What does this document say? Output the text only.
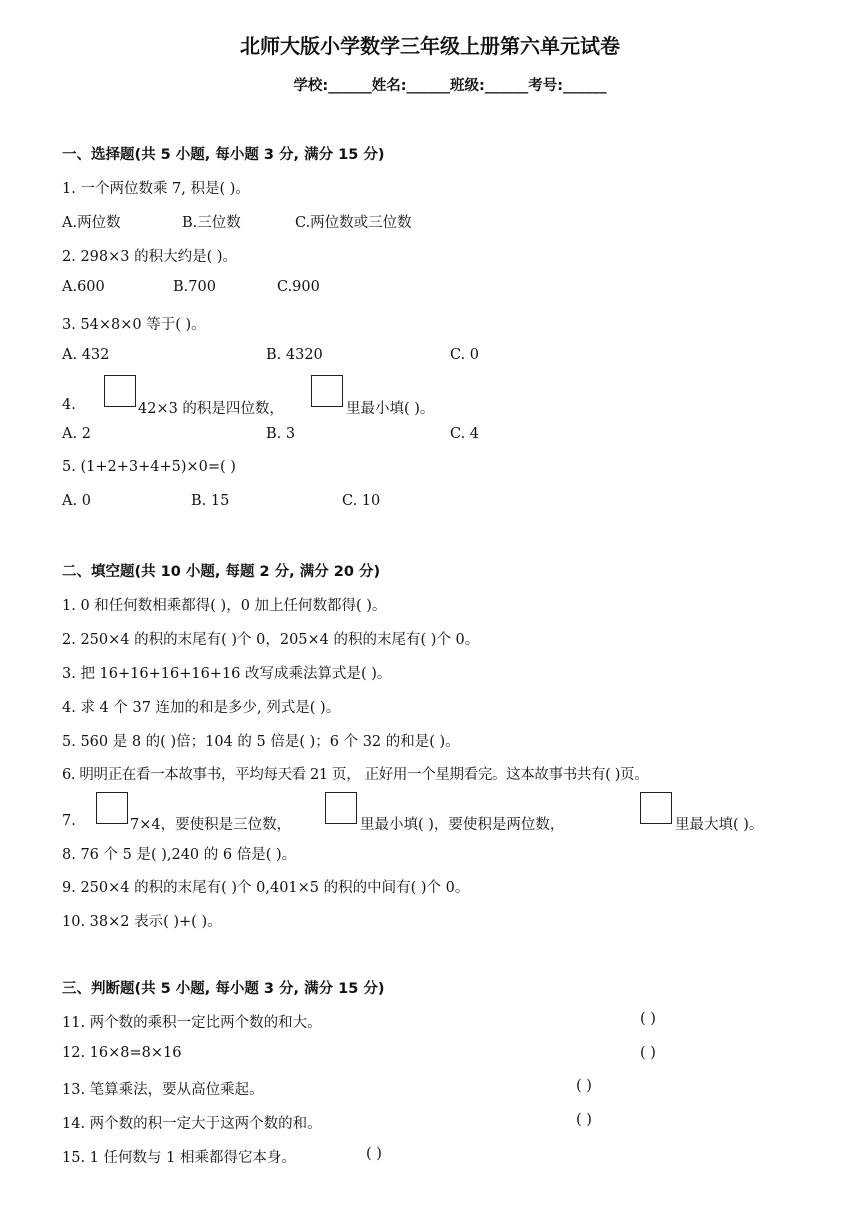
北师大版小学数学三年级上册第六单元试卷
学校:______姓名:______班级:______考号:______
一、选择题(共 5 小题, 每小题 3 分, 满分 15 分)
1. 一个两位数乘 7, 积是( )。
A.两位数	B.三位数	C.两位数或三位数
2. 298×3 的积大约是( )。
A.600	B.700	C.900
3. 54×8×0 等于( )。
A. 432	B. 4320	C. 0
4.	42×3 的积是四位数，	里最小填( )。
A. 2	B. 3	C. 4
5. (1+2+3+4+5)×0=( )
A. 0	B. 15	C. 10
二、填空题(共 10 小题, 每题 2 分, 满分 20 分)
1. 0 和任何数相乘都得( )，0 加上任何数都得( )。
2. 250×4 的积的末尾有( )个 0，205×4 的积的末尾有( )个 0。
3. 把 16+16+16+16+16 改写成乘法算式是( )。
4. 求 4 个 37 连加的和是多少, 列式是( )。
5. 560 是 8 的( )倍；104 的 5 倍是( )；6 个 32 的和是( )。
6. 明明正在看一本故事书，平均每天看 21 页， 正好用一个星期看完。这本故事书共有( )页。
7.	7×4，要使积是三位数，	里最小填( )，要使积是两位数，	里最大填( )。
8. 76 个 5 是( ),240 的 6 倍是( )。
9. 250×4 的积的末尾有( )个 0,401×5 的积的中间有( )个 0。
10. 38×2 表示( )+( )。
三、判断题(共 5 小题, 每小题 3 分, 满分 15 分)
11. 两个数的乘积一定比两个数的和大。	( )
12. 16×8=8×16	( )
13. 笔算乘法，要从高位乘起。	( )
14. 两个数的积一定大于这两个数的和。	( )
15. 1 任何数与 1 相乘都得它本身。	( )
